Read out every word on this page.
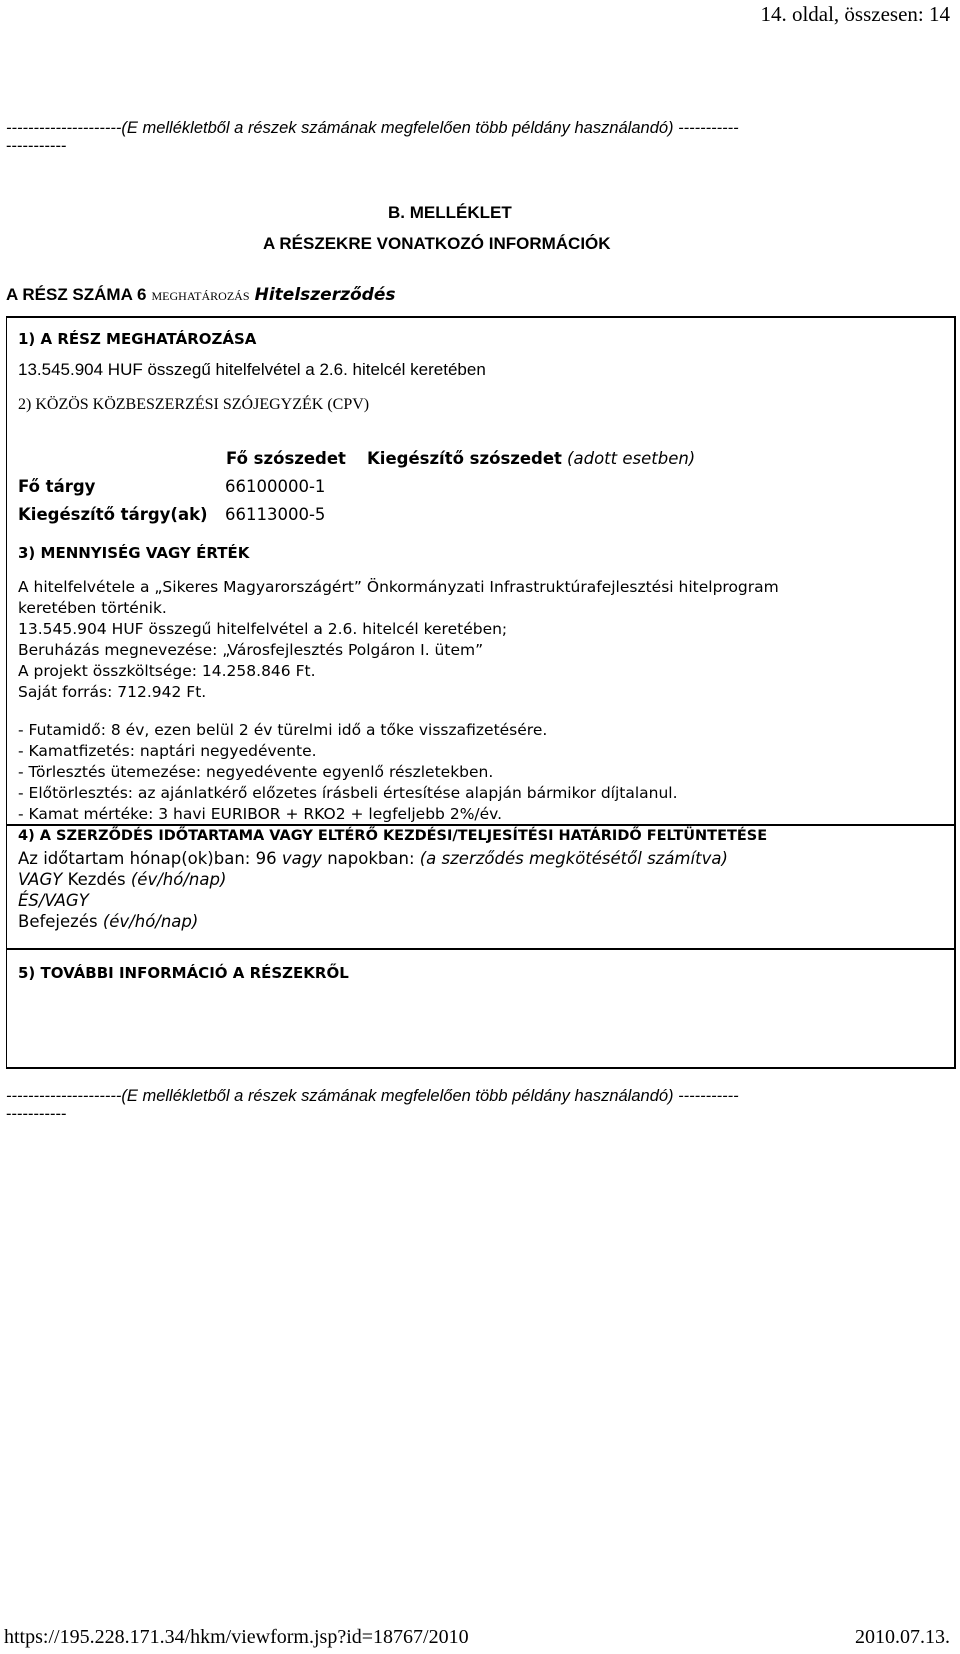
14. oldal, összesen: 14
---------------------(E mellékletből a részek számának megfelelően több példány használandó) -----------
-----------
B. MELLÉKLET
A RÉSZEKRE VONATKOZÓ INFORMÁCIÓK
A RÉSZ SZÁMA 6 MEGHATÁROZÁS Hitelszerződés
1) A RÉSZ MEGHATÁROZÁSA
13.545.904 HUF összegű hitelfelvétel a 2.6. hitelcél keretében
2) KÖZÖS KÖZBESZERZÉSI SZÓJEGYZÉK (CPV)
Fő szószedet Kiegészítő szószedet (adott esetben)
Fő tárgy	66100000-1
Kiegészítő tárgy(ak) 66113000-5
3) MENNYISÉG VAGY ÉRTÉK
A hitelfelvétele a „Sikeres Magyarországért” Önkormányzati Infrastruktúrafejlesztési hitelprogram
keretében történik.
13.545.904 HUF összegű hitelfelvétel a 2.6. hitelcél keretében;
Beruházás megnevezése: „Városfejlesztés Polgáron I. ütem”
A projekt összköltsége: 14.258.846 Ft.
Saját forrás: 712.942 Ft.
- Futamidő: 8 év, ezen belül 2 év türelmi idő a tőke visszafizetésére.
- Kamatfizetés: naptári negyedévente.
- Törlesztés ütemezése: negyedévente egyenlő részletekben.
- Előtörlesztés: az ajánlatkérő előzetes írásbeli értesítése alapján bármikor díjtalanul.
- Kamat mértéke: 3 havi EURIBOR + RKO2 + legfeljebb 2%/év.
4) A SZERZŐDÉS IDŐTARTAMA VAGY ELTÉRŐ KEZDÉSI/TELJESÍTÉSI HATÁRIDŐ FELTÜNTETÉSE
Az időtartam hónap(ok)ban: 96 vagy napokban: (a szerződés megkötésétől számítva)
VAGY Kezdés (év/hó/nap)
ÉS/VAGY
Befejezés (év/hó/nap)
5) TOVÁBBI INFORMÁCIÓ A RÉSZEKRŐL
---------------------(E mellékletből a részek számának megfelelően több példány használandó) -----------
-----------
https://195.228.171.34/hkm/viewform.jsp?id=18767/2010	2010.07.13.
